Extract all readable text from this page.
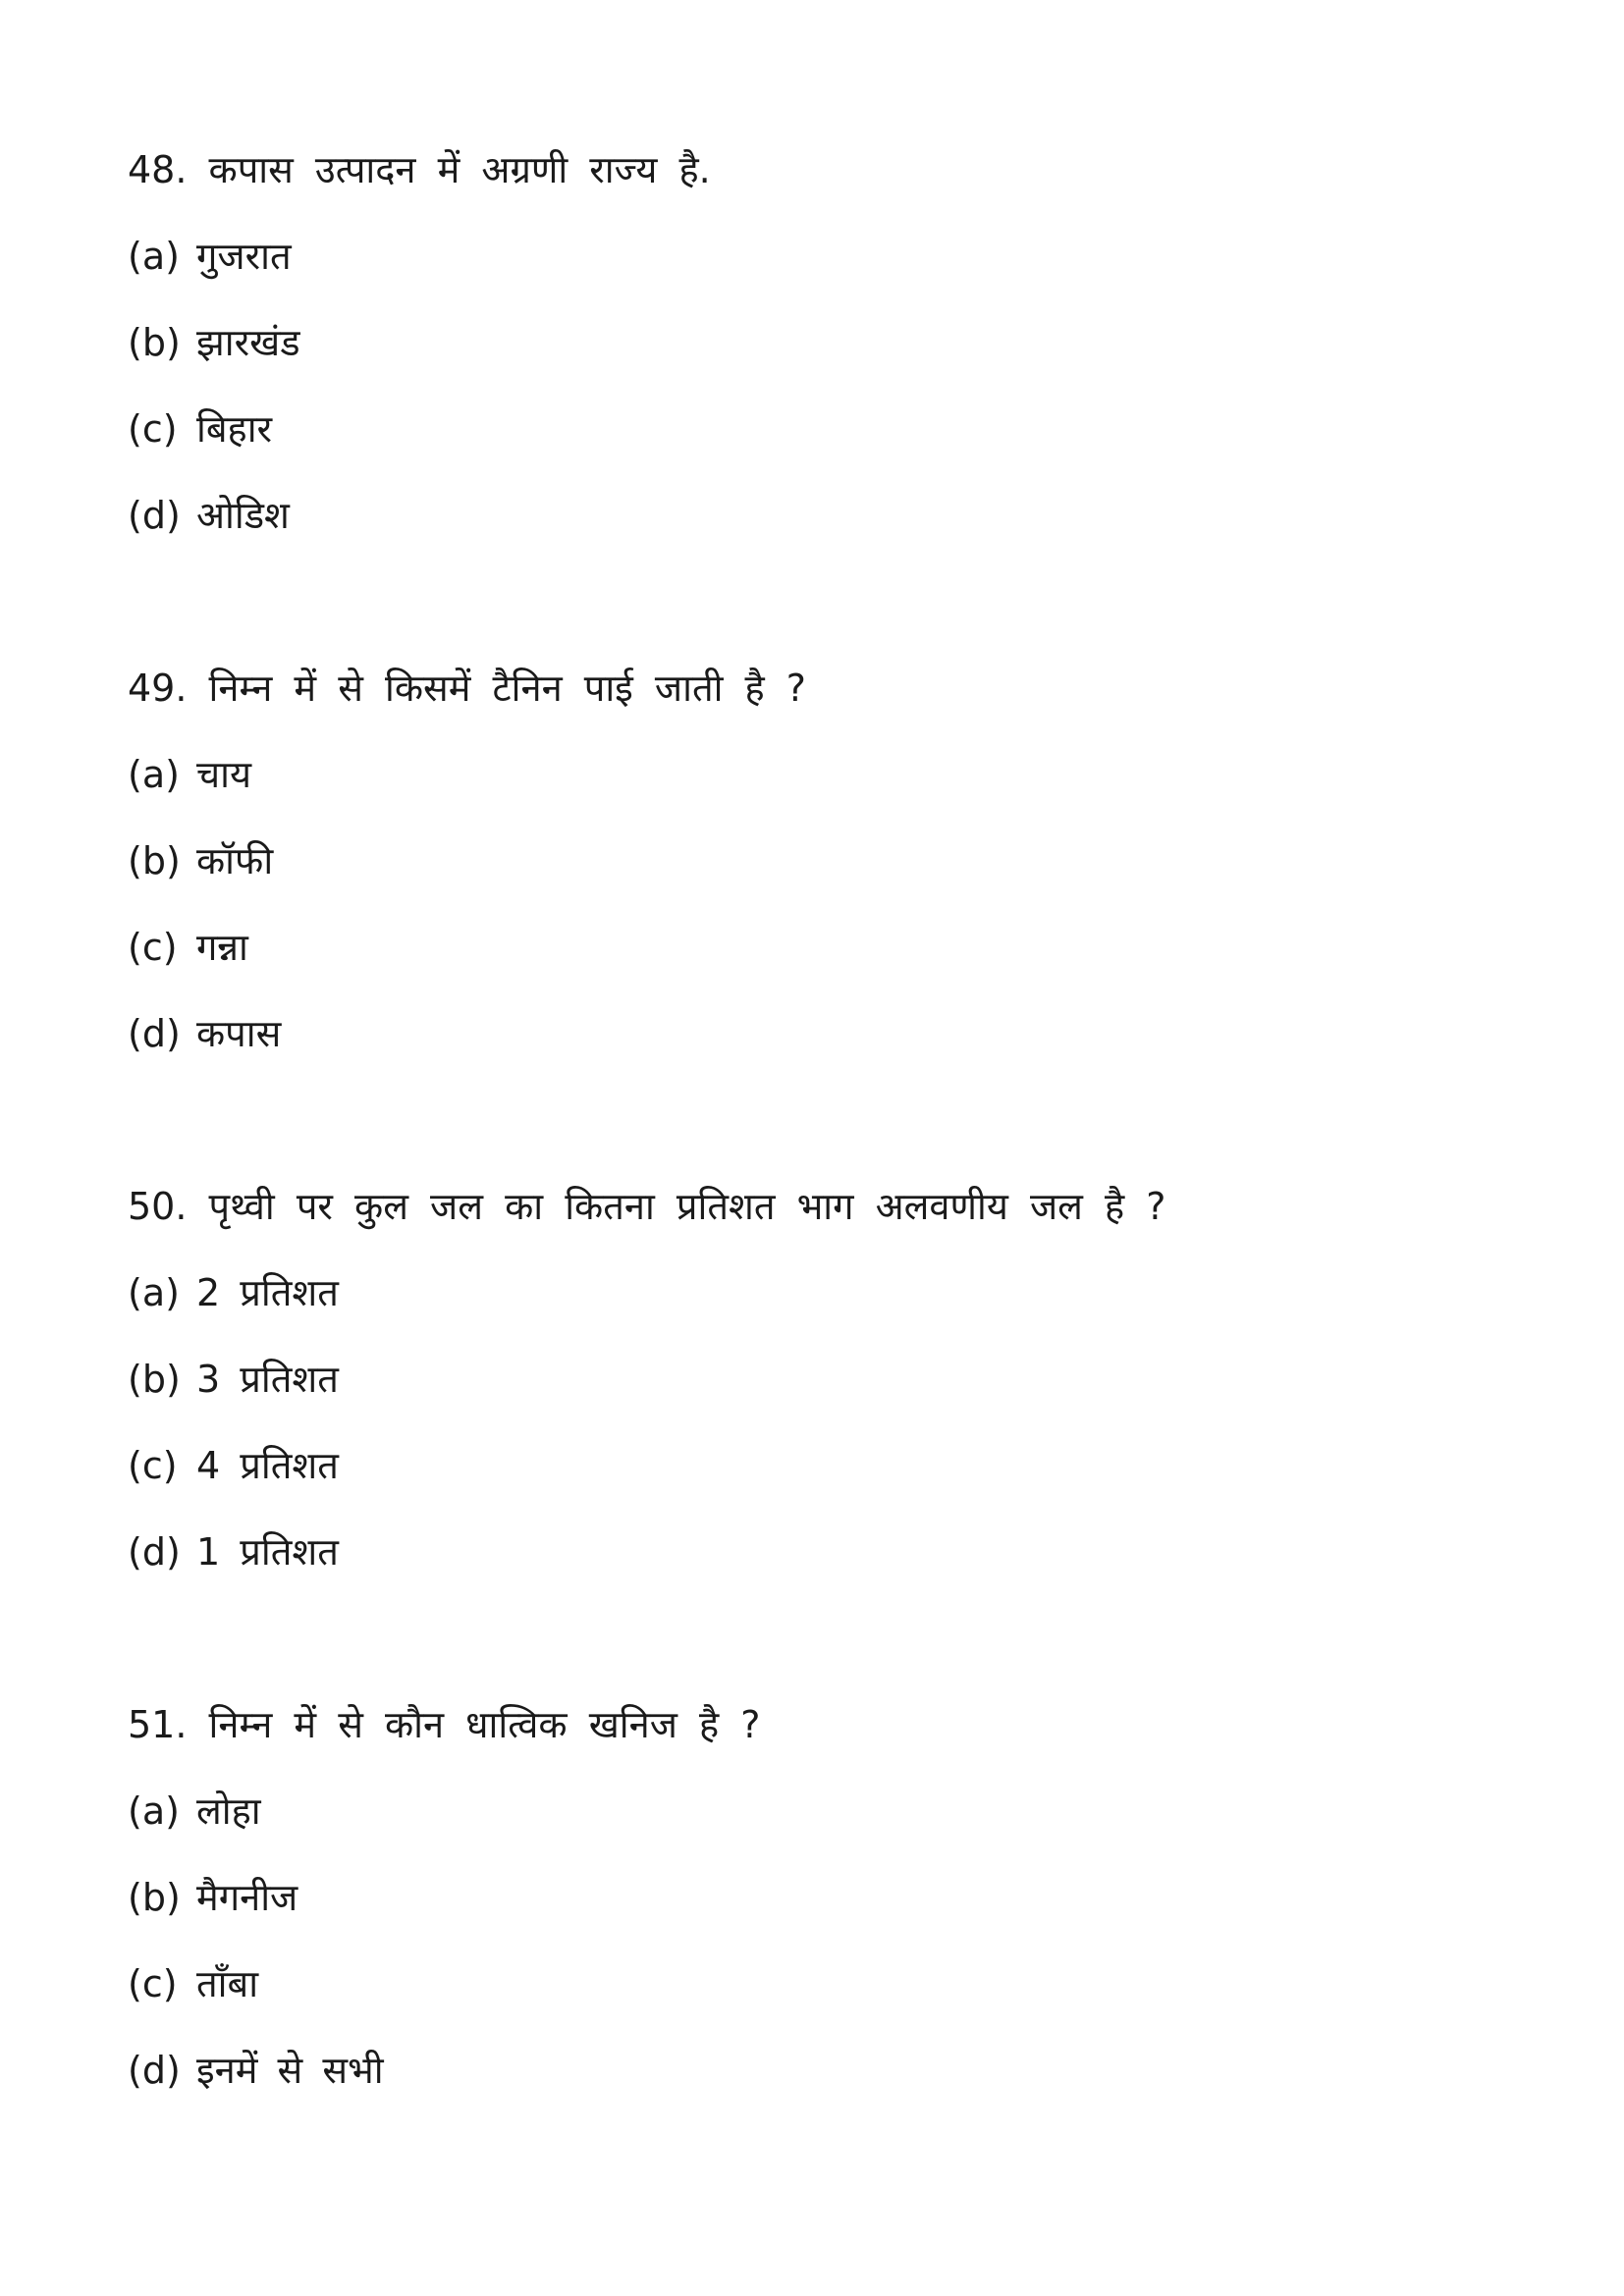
48. कपास उत्पादन में अग्रणी राज्य है.
(a) गुजरात
(b) झारखंड
(c) बिहार
(d) ओडिश
49. निम्न में से किसमें टैनिन पाई जाती है ?
(a) चाय
(b) कॉफी
(c) गन्ना
(d) कपास
50. पृथ्वी पर कुल जल का कितना प्रतिशत भाग अलवणीय जल है ?
(a) 2 प्रतिशत
(b) 3 प्रतिशत
(c) 4 प्रतिशत
(d) 1 प्रतिशत
51. निम्न में से कौन धात्विक खनिज है ?
(a) लोहा
(b) मैगनीज
(c) ताँबा
(d) इनमें से सभी
